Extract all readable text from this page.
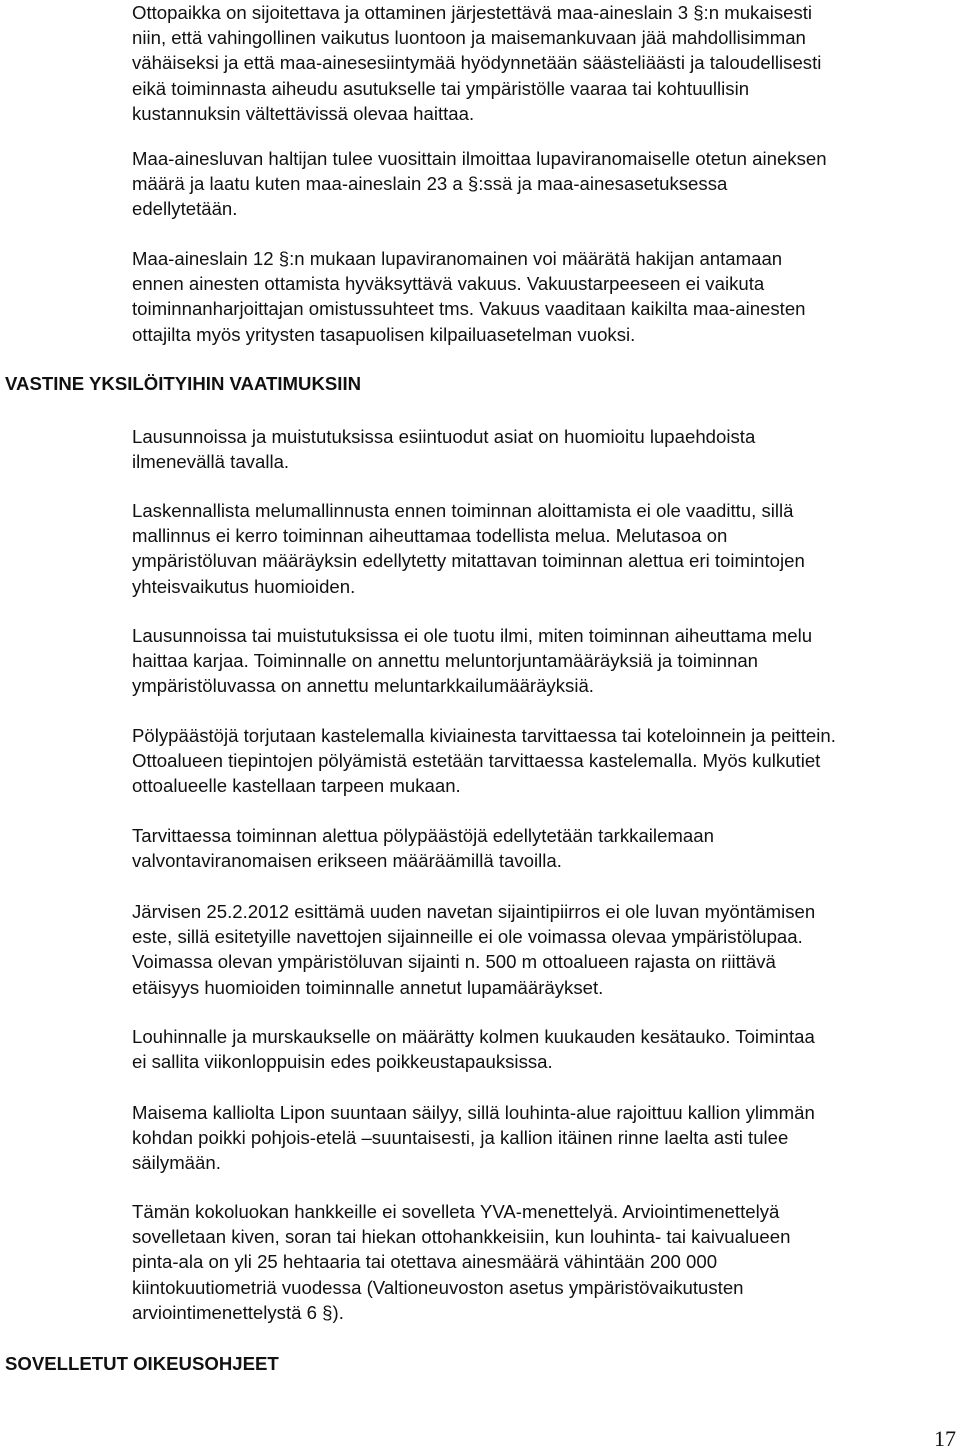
Ottopaikka on sijoitettava ja ottaminen järjestettävä maa-aineslain 3 §:n mukaisesti
niin, että vahingollinen vaikutus luontoon ja maisemankuvaan jää mahdollisimman
vähäiseksi ja että maa-ainesesiintymää hyödynnetään säästeliäästi ja taloudellisesti
eikä toiminnasta aiheudu asutukselle tai ympäristölle vaaraa tai kohtuullisin
kustannuksin vältettävissä olevaa haittaa.

Maa-ainesluvan haltijan tulee vuosittain ilmoittaa lupaviranomaiselle otetun aineksen
määrä ja laatu kuten maa-aineslain 23 a §:ssä ja maa-ainesasetuksessa
edellytetään.

Maa-aineslain 12 §:n mukaan lupaviranomainen voi määrätä hakijan antamaan
ennen ainesten ottamista hyväksyttävä vakuus. Vakuustarpeeseen ei vaikuta
toiminnanharjoittajan omistussuhteet tms. Vakuus vaaditaan kaikilta maa-ainesten
ottajilta myös yritysten tasapuolisen kilpailuasetelman vuoksi.

VASTINE YKSILÖITYIHIN VAATIMUKSIIN

Lausunnoissa ja muistutuksissa esiintuodut asiat on huomioitu lupaehdoista
ilmenevällä tavalla.

Laskennallista melumallinnusta ennen toiminnan aloittamista ei ole vaadittu, sillä
mallinnus ei kerro toiminnan aiheuttamaa todellista melua. Melutasoa on
ympäristöluvan määräyksin edellytetty mitattavan toiminnan alettua eri toimintojen
yhteisvaikutus huomioiden.

Lausunnoissa tai muistutuksissa ei ole tuotu ilmi, miten toiminnan aiheuttama melu
haittaa karjaa. Toiminnalle on annettu meluntorjuntamääräyksiä ja toiminnan
ympäristöluvassa on annettu meluntarkkailumääräyksiä.

Pölypäästöjä torjutaan kastelemalla kiviainesta tarvittaessa tai koteloinnein ja peittein.
Ottoalueen tiepintojen pölyämistä estetään tarvittaessa kastelemalla. Myös kulkutiet
ottoalueelle kastellaan tarpeen mukaan.

Tarvittaessa toiminnan alettua pölypäästöjä edellytetään tarkkailemaan
valvontaviranomaisen erikseen määräämillä tavoilla.

Järvisen 25.2.2012 esittämä uuden navetan sijaintipiirros ei ole luvan myöntämisen
este, sillä esitetyille navettojen sijainneille ei ole voimassa olevaa ympäristölupaa.
Voimassa olevan ympäristöluvan sijainti n. 500 m ottoalueen rajasta on riittävä
etäisyys huomioiden toiminnalle annetut lupamääräykset.

Louhinnalle ja murskaukselle on määrätty kolmen kuukauden kesätauko. Toimintaa
ei sallita viikonloppuisin edes poikkeustapauksissa.

Maisema kalliolta Lipon suuntaan säilyy, sillä louhinta-alue rajoittuu kallion ylimmän
kohdan poikki pohjois-etelä –suuntaisesti, ja kallion itäinen rinne laelta asti tulee
säilymään.

Tämän kokoluokan hankkeille ei sovelleta YVA-menettelyä. Arviointimenettelyä
sovelletaan kiven, soran tai hiekan ottohankkeisiin, kun louhinta- tai kaivualueen
pinta-ala on yli 25 hehtaaria tai otettava ainesmäärä vähintään 200 000
kiintokuutiometriä vuodessa (Valtioneuvoston asetus ympäristövaikutusten
arviointimenettelystä 6 §).

SOVELLETUT OIKEUSOHJEET

17
